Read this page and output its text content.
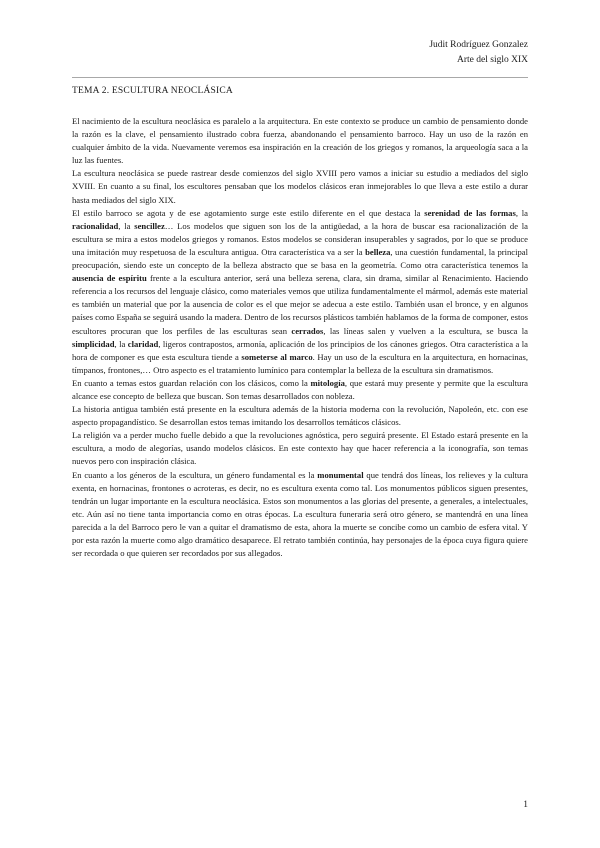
Judit Rodríguez Gonzalez
Arte del siglo XIX
TEMA 2. ESCULTURA NEOCLÁSICA

El nacimiento de la escultura neoclásica es paralelo a la arquitectura. En este contexto se produce un cambio de pensamiento donde la razón es la clave, el pensamiento ilustrado cobra fuerza, abandonando el pensamiento barroco. Hay un uso de la razón en cualquier ámbito de la vida. Nuevamente veremos esa inspiración en la creación de los griegos y romanos, la arqueología saca a la luz las fuentes.

La escultura neoclásica se puede rastrear desde comienzos del siglo XVIII pero vamos a iniciar su estudio a mediados del siglo XVIII. En cuanto a su final, los escultores pensaban que los modelos clásicos eran inmejorables lo que lleva a este estilo a durar hasta mediados del siglo XIX.

El estilo barroco se agota y de ese agotamiento surge este estilo diferente en el que destaca la serenidad de las formas, la racionalidad, la sencillez… Los modelos que siguen son los de la antigüedad, a la hora de buscar esa racionalización de la escultura se mira a estos modelos griegos y romanos. Estos modelos se consideran insuperables y sagrados, por lo que se produce una imitación muy respetuosa de la escultura antigua. Otra característica va a ser la belleza, una cuestión fundamental, la principal preocupación, siendo este un concepto de la belleza abstracto que se basa en la geometría. Como otra característica tenemos la ausencia de espíritu frente a la escultura anterior, será una belleza serena, clara, sin drama, similar al Renacimiento. Haciendo referencia a los recursos del lenguaje clásico, como materiales vemos que utiliza fundamentalmente el mármol, además este material es también un material que por la ausencia de color es el que mejor se adecua a este estilo. También usan el bronce, y en algunos países como España se seguirá usando la madera. Dentro de los recursos plásticos también hablamos de la forma de componer, estos escultores procuran que los perfiles de las esculturas sean cerrados, las líneas salen y vuelven a la escultura, se busca la simplicidad, la claridad, ligeros contrapostos, armonía, aplicación de los principios de los cánones griegos. Otra característica a la hora de componer es que esta escultura tiende a someterse al marco. Hay un uso de la escultura en la arquitectura, en hornacinas, tímpanos, frontones,… Otro aspecto es el tratamiento lumínico para contemplar la belleza de la escultura sin dramatismos.

En cuanto a temas estos guardan relación con los clásicos, como la mitología, que estará muy presente y permite que la escultura alcance ese concepto de belleza que buscan. Son temas desarrollados con nobleza.

La historia antigua también está presente en la escultura además de la historia moderna con la revolución, Napoleón, etc. con ese aspecto propagandístico. Se desarrollan estos temas imitando los desarrollos temáticos clásicos.

La religión va a perder mucho fuelle debido a que la revoluciones agnóstica, pero seguirá presente. El Estado estará presente en la escultura, a modo de alegorías, usando modelos clásicos. En este contexto hay que hacer referencia a la iconografía, son temas nuevos pero con inspiración clásica.

En cuanto a los géneros de la escultura, un género fundamental es la monumental que tendrá dos líneas, los relieves y la cultura exenta, en hornacinas, frontones o acroteras, es decir, no es escultura exenta como tal. Los monumentos públicos siguen presentes, tendrán un lugar importante en la escultura neoclásica. Estos son monumentos a las glorias del presente, a generales, a intelectuales, etc. Aún así no tiene tanta importancia como en otras épocas. La escultura funeraria será otro género, se mantendrá en una línea parecida a la del Barroco pero le van a quitar el dramatismo de esta, ahora la muerte se concibe como un cambio de esfera vital. Y por esta razón la muerte como algo dramático desaparece. El retrato también continúa, hay personajes de la época cuya figura quiere ser recordada o que quieren ser recordados por sus allegados.

1
